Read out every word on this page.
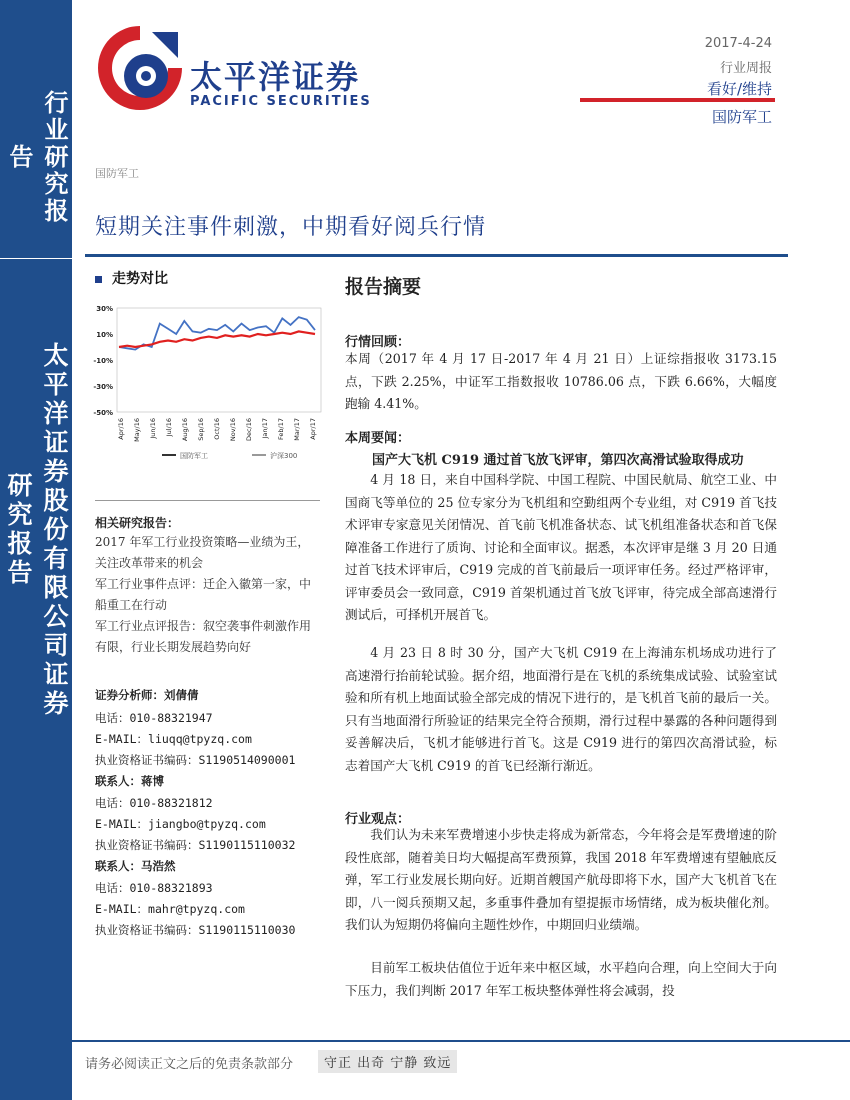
行业研究报告
太平洋证券股份有限公司证券研究报告
太平洋证券
PACIFIC SECURITIES
2017-4-24
行业周报
看好/维持
国防军工
国防军工
短期关注事件刺激，中期看好阅兵行情
走势对比
30%
10%
-10%
-30%
-50%
Apr/16 May/16 Jun/16 Jul/16 Aug/16 Sep/16 Oct/16 Nov/16 Dec/16 Jan/17 Feb/17 Mar/17 Apr/17
国防军工	沪深300
相关研究报告：
2017 年军工行业投资策略—业绩为王，关注改革带来的机会
军工行业事件点评：迁企入徽第一家，中船重工在行动
军工行业点评报告：叙空袭事件刺激作用有限，行业长期发展趋势向好
证券分析师：刘倩倩
电话：010-88321947
E-MAIL：liuqq@tpyzq.com
执业资格证书编码：S1190514090001
联系人：蒋博
电话：010-88321812
E-MAIL：jiangbo@tpyzq.com
执业资格证书编码：S1190115110032
联系人：马浩然
电话：010-88321893
E-MAIL：mahr@tpyzq.com
执业资格证书编码：S1190115110030
报告摘要
行情回顾：
本周（2017 年 4 月 17 日-2017 年 4 月 21 日）上证综指报收 3173.15 点，下跌 2.25%，中证军工指数报收 10786.06 点，下跌 6.66%，大幅度跑输 4.41%。
本周要闻：
国产大飞机 C919 通过首飞放飞评审，第四次高滑试验取得成功
4 月 18 日，来自中国科学院、中国工程院、中国民航局、航空工业、中国商飞等单位的 25 位专家分为飞机组和空勤组两个专业组，对 C919 首飞技术评审专家意见关闭情况、首飞前飞机准备状态、试飞机组准备状态和首飞保障准备工作进行了质询、讨论和全面审议。据悉，本次评审是继 3 月 20 日通过首飞技术评审后，C919 完成的首飞前最后一项评审任务。经过严格评审，评审委员会一致同意，C919 首架机通过首飞放飞评审，待完成全部高速滑行测试后，可择机开展首飞。
4 月 23 日 8 时 30 分，国产大飞机 C919 在上海浦东机场成功进行了高速滑行抬前轮试验。据介绍，地面滑行是在飞机的系统集成试验、试验室试验和所有机上地面试验全部完成的情况下进行的，是飞机首飞前的最后一关。只有当地面滑行所验证的结果完全符合预期，滑行过程中暴露的各种问题得到妥善解决后，飞机才能够进行首飞。这是 C919 进行的第四次高滑试验，标志着国产大飞机 C919 的首飞已经渐行渐近。
行业观点：
我们认为未来军费增速小步快走将成为新常态，今年将会是军费增速的阶段性底部，随着美日均大幅提高军费预算，我国 2018 年军费增速有望触底反弹，军工行业发展长期向好。近期首艘国产航母即将下水，国产大飞机首飞在即，八一阅兵预期又起，多重事件叠加有望提振市场情绪，成为板块催化剂。我们认为短期仍将偏向主题性炒作，中期回归业绩端。
目前军工板块估值位于近年来中枢区域，水平趋向合理，向上空间大于向下压力，我们判断 2017 年军工板块整体弹性将会减弱，投
请务必阅读正文之后的免责条款部分	守正 出奇 宁静 致远
